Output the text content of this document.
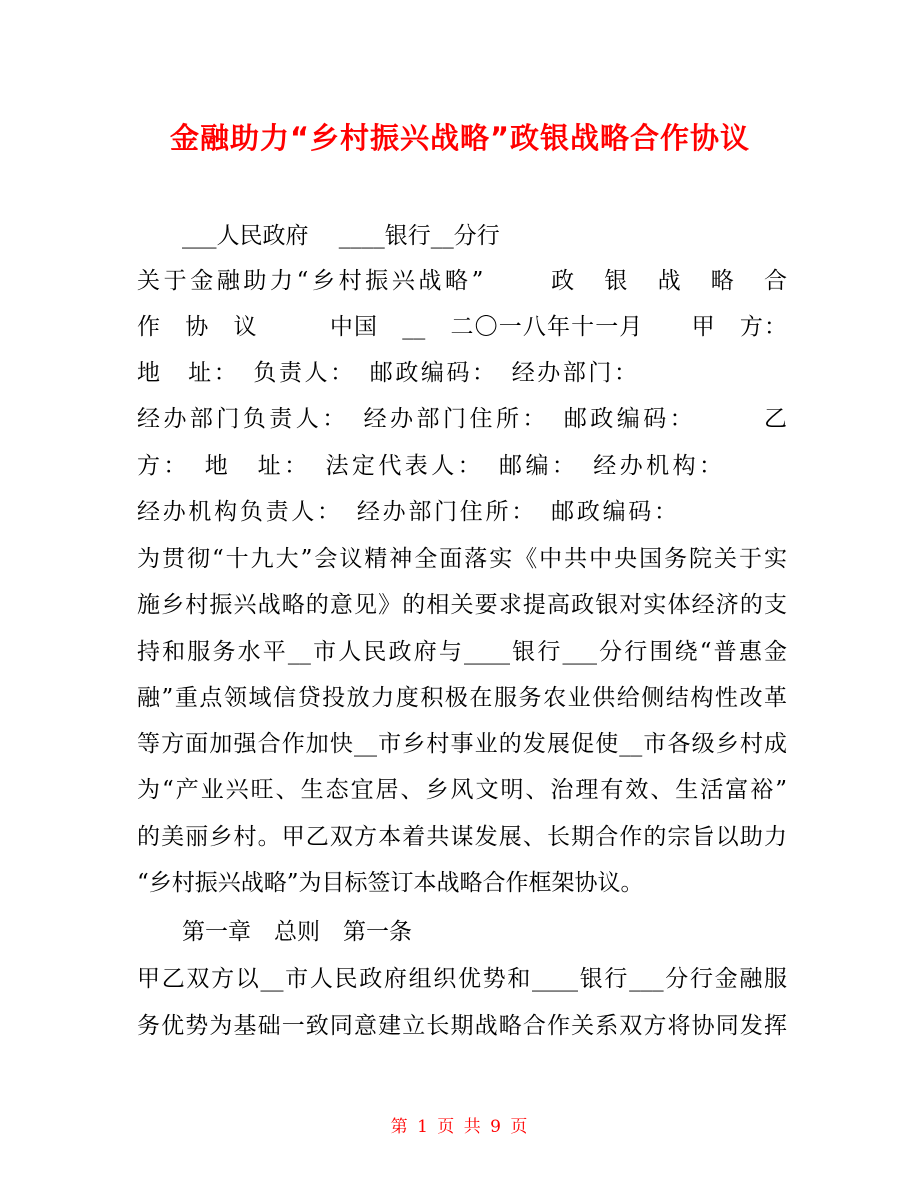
金融助力“乡村振兴战略”政银战略合作协议
___人民政府　 ____银行__分行
关于金融助力“乡村振兴战略”　　 政　银　战　略　合
作　协　议　　　中国　__　二〇一八年十一月　　甲　方：
地　址：　负责人：　邮政编码：　经办部门：
经办部门负责人：　经办部门住所：　邮政编码：　　　乙
方：　地　址：　法定代表人：　邮编：　经办机构：
经办机构负责人：　经办部门住所：　邮政编码：
为贯彻“十九大”会议精神全面落实《中共中央国务院关于实
施乡村振兴战略的意见》的相关要求提高政银对实体经济的支
持和服务水平__市人民政府与____银行___分行围绕“普惠金
融”重点领域信贷投放力度积极在服务农业供给侧结构性改革
等方面加强合作加快__市乡村事业的发展促使__市各级乡村成
为“产业兴旺、生态宜居、乡风文明、治理有效、生活富裕”
的美丽乡村。甲乙双方本着共谋发展、长期合作的宗旨以助力
“乡村振兴战略”为目标签订本战略合作框架协议。
第一章　总则　第一条
甲乙双方以__市人民政府组织优势和____银行___分行金融服
务优势为基础一致同意建立长期战略合作关系双方将协同发挥
第 1 页 共 9 页
